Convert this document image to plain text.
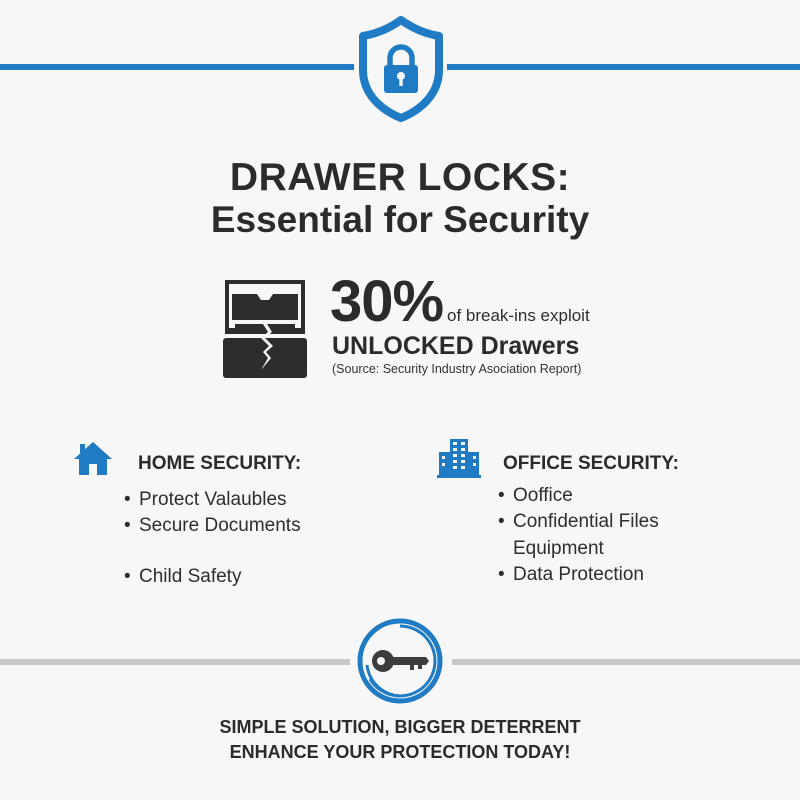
DRAWER LOCKS:
Essential for Security
30% of break-ins exploit
UNLOCKED Drawers
(Source: Security Industry Asociation Report)
HOME SECURITY:
• Protect Valaubles
• Secure Documents
• Child Safety
OFFICE SECURITY:
• Ooffice
• Confidential Files
Equipment
• Data Protection
SIMPLE SOLUTION, BIGGER DETERRENT
ENHANCE YOUR PROTECTION TODAY!
